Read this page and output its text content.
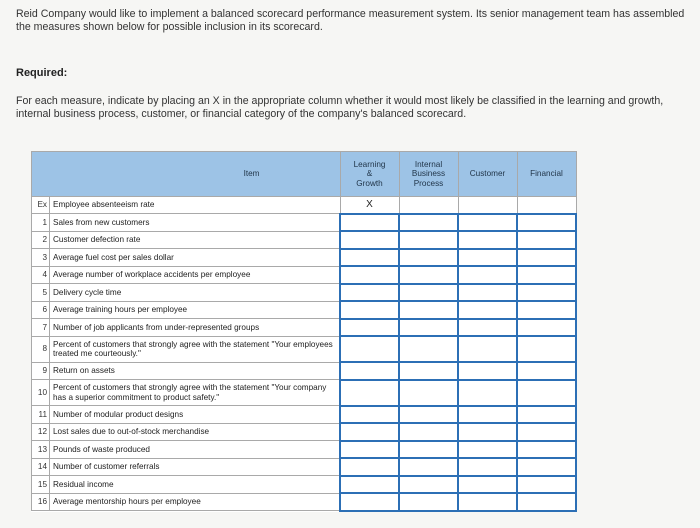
Reid Company would like to implement a balanced scorecard performance measurement system. Its senior management team has assembled the measures shown below for possible inclusion in its scorecard.
Required:
For each measure, indicate by placing an X in the appropriate column whether it would most likely be classified in the learning and growth, internal business process, customer, or financial category of the company's balanced scorecard.
Item		Learning
&
Growth	Internal
Business
Process	Customer	Financial
Ex	Employee absenteeism rate	X			
1	Sales from new customers				
2	Customer defection rate				
3	Average fuel cost per sales dollar				
4	Average number of workplace accidents per employee				
5	Delivery cycle time				
6	Average training hours per employee				
7	Number of job applicants from under-represented groups				
8	Percent of customers that strongly agree with the statement "Your employees treated me courteously."				
9	Return on assets				
10	Percent of customers that strongly agree with the statement "Your company has a superior commitment to product safety."				
11	Number of modular product designs				
12	Lost sales due to out-of-stock merchandise				
13	Pounds of waste produced				
14	Number of customer referrals				
15	Residual income				
16	Average mentorship hours per employee				
